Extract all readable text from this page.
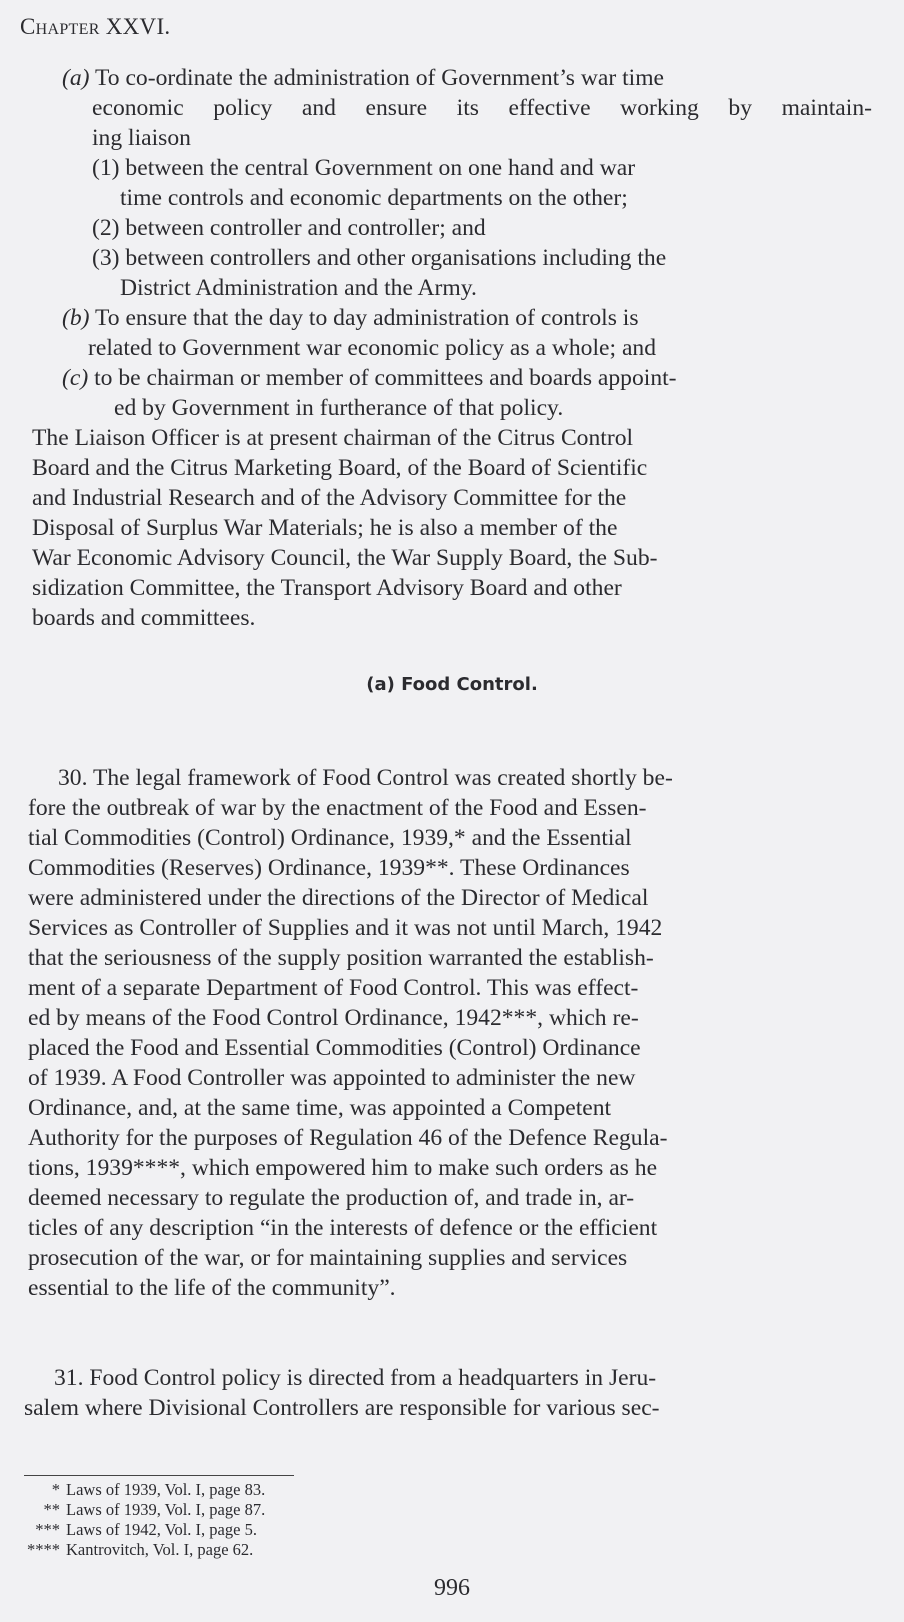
Chapter XXVI.
(a) To co-ordinate the administration of Government’s war time
economic policy and ensure its effective working by maintain-
ing liaison
(1) between the central Government on one hand and war
time controls and economic departments on the other;
(2) between controller and controller; and
(3) between controllers and other organisations including the
District Administration and the Army.
(b) To ensure that the day to day administration of controls is
related to Government war economic policy as a whole; and
(c) to be chairman or member of committees and boards appoint-
ed by Government in furtherance of that policy.
The Liaison Officer is at present chairman of the Citrus Control
Board and the Citrus Marketing Board, of the Board of Scientific
and Industrial Research and of the Advisory Committee for the
Disposal of Surplus War Materials; he is also a member of the
War Economic Advisory Council, the War Supply Board, the Sub-
sidization Committee, the Transport Advisory Board and other
boards and committees.
(a) Food Control.
30. The legal framework of Food Control was created shortly be-
fore the outbreak of war by the enactment of the Food and Essen-
tial Commodities (Control) Ordinance, 1939,* and the Essential
Commodities (Reserves) Ordinance, 1939**. These Ordinances
were administered under the directions of the Director of Medical
Services as Controller of Supplies and it was not until March, 1942
that the seriousness of the supply position warranted the establish-
ment of a separate Department of Food Control. This was effect-
ed by means of the Food Control Ordinance, 1942***, which re-
placed the Food and Essential Commodities (Control) Ordinance
of 1939. A Food Controller was appointed to administer the new
Ordinance, and, at the same time, was appointed a Competent
Authority for the purposes of Regulation 46 of the Defence Regula-
tions, 1939****, which empowered him to make such orders as he
deemed necessary to regulate the production of, and trade in, ar-
ticles of any description “in the interests of defence or the efficient
prosecution of the war, or for maintaining supplies and services
essential to the life of the community”.
31. Food Control policy is directed from a headquarters in Jeru-
salem where Divisional Controllers are responsible for various sec-
* Laws of 1939, Vol. I, page 83.
** Laws of 1939, Vol. I, page 87.
*** Laws of 1942, Vol. I, page 5.
**** Kantrovitch, Vol. I, page 62.
996
